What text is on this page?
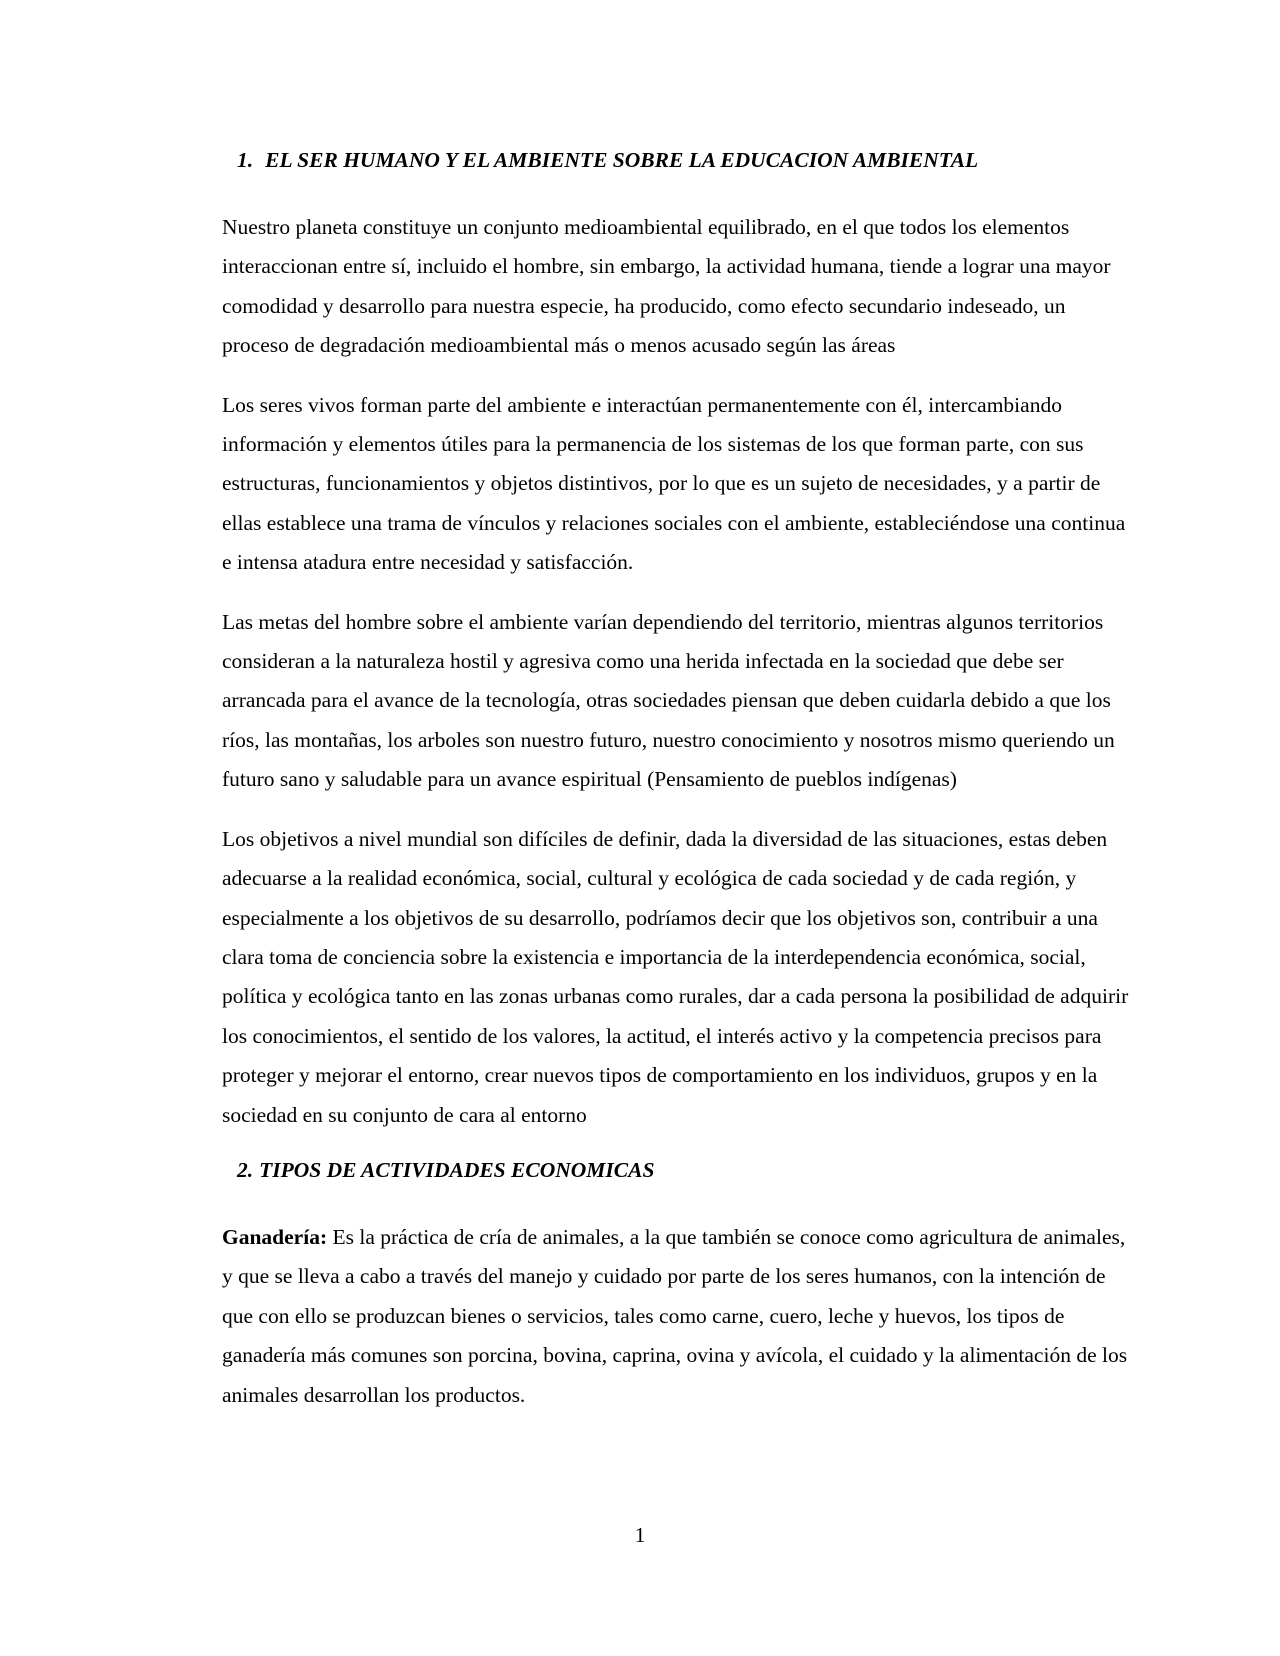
1. EL SER HUMANO Y EL AMBIENTE SOBRE LA EDUCACION AMBIENTAL

Nuestro planeta constituye un conjunto medioambiental equilibrado, en el que todos los elementos interaccionan entre sí, incluido el hombre, sin embargo, la actividad humana, tiende a lograr una mayor comodidad y desarrollo para nuestra especie, ha producido, como efecto secundario indeseado, un proceso de degradación medioambiental más o menos acusado según las áreas

Los seres vivos forman parte del ambiente e interactúan permanentemente con él, intercambiando información y elementos útiles para la permanencia de los sistemas de los que forman parte, con sus estructuras, funcionamientos y objetos distintivos, por lo que es un sujeto de necesidades, y a partir de ellas establece una trama de vínculos y relaciones sociales con el ambiente, estableciéndose una continua e intensa atadura entre necesidad y satisfacción.

Las metas del hombre sobre el ambiente varían dependiendo del territorio, mientras algunos territorios consideran a la naturaleza hostil y agresiva como una herida infectada en la sociedad que debe ser arrancada para el avance de la tecnología, otras sociedades piensan que deben cuidarla debido a que los ríos, las montañas, los arboles son nuestro futuro, nuestro conocimiento y nosotros mismo queriendo un futuro sano y saludable para un avance espiritual (Pensamiento de pueblos indígenas)

Los objetivos a nivel mundial son difíciles de definir, dada la diversidad de las situaciones, estas deben adecuarse a la realidad económica, social, cultural y ecológica de cada sociedad y de cada región, y especialmente a los objetivos de su desarrollo, podríamos decir que los objetivos son, contribuir a una clara toma de conciencia sobre la existencia e importancia de la interdependencia económica, social, política y ecológica tanto en las zonas urbanas como rurales, dar a cada persona la posibilidad de adquirir los conocimientos, el sentido de los valores, la actitud, el interés activo y la competencia precisos para proteger y mejorar el entorno, crear nuevos tipos de comportamiento en los individuos, grupos y en la sociedad en su conjunto de cara al entorno

2. TIPOS DE ACTIVIDADES ECONOMICAS

Ganadería: Es la práctica de cría de animales, a la que también se conoce como agricultura de animales, y que se lleva a cabo a través del manejo y cuidado por parte de los seres humanos, con la intención de que con ello se produzcan bienes o servicios, tales como carne, cuero, leche y huevos, los tipos de ganadería más comunes son porcina, bovina, caprina, ovina y avícola, el cuidado y la alimentación de los animales desarrollan los productos.

1
